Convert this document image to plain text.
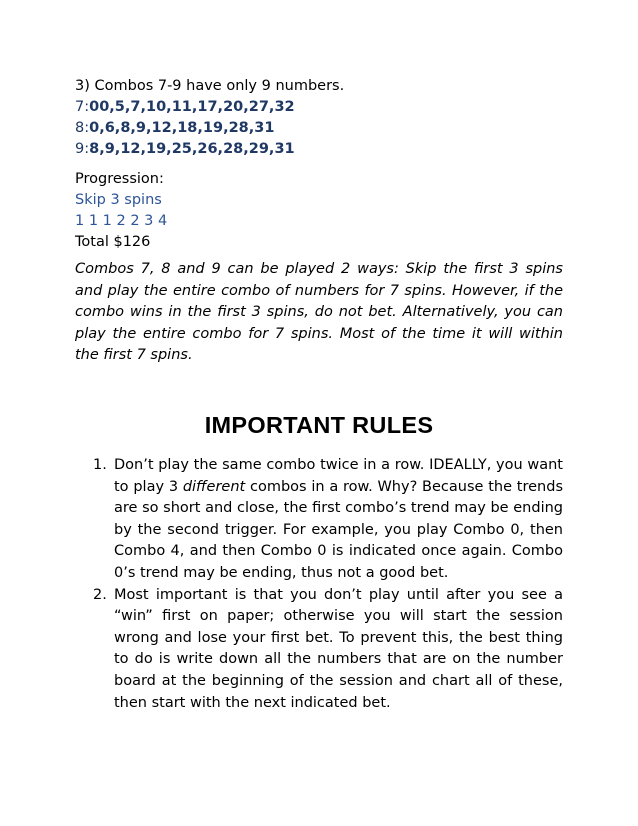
3) Combos 7-9 have only 9 numbers.
7:00,5,7,10,11,17,20,27,32
8:0,6,8,9,12,18,19,28,31
9:8,9,12,19,25,26,28,29,31
Progression:
Skip 3 spins
1 1 1 2 2 3 4
Total $126
Combos 7, 8 and 9 can be played 2 ways: Skip the first 3 spins and play the entire combo of numbers for 7 spins. However, if the combo wins in the first 3 spins, do not bet. Alternatively, you can play the entire combo for 7 spins. Most of the time it will within the first 7 spins.
IMPORTANT RULES
1. Don’t play the same combo twice in a row. IDEALLY, you want to play 3 different combos in a row. Why? Because the trends are so short and close, the first combo’s trend may be ending by the second trigger. For example, you play Combo 0, then Combo 4, and then Combo 0 is indicated once again. Combo 0’s trend may be ending, thus not a good bet.
2. Most important is that you don’t play until after you see a “win” first on paper; otherwise you will start the session wrong and lose your first bet. To prevent this, the best thing to do is write down all the numbers that are on the number board at the beginning of the session and chart all of these, then start with the next indicated bet.
